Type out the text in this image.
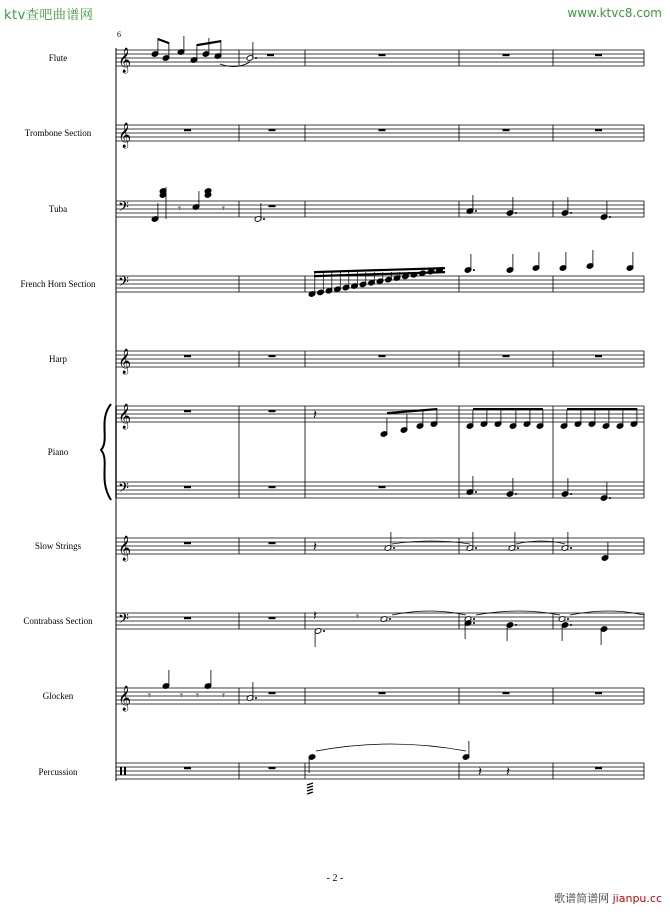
ktv查吧曲谱网	www.ktvc8.com
歌谱简谱网 jianpu.cc
6
Flute
Trombone Section
Tuba
French Horn Section
Harp
Piano
Slow Strings
Contrabass Section
Glocken
Percussion
- 2 -
𝄞
𝄞
𝄢
𝄢
𝄞
𝄞
𝄢
𝄞
𝄢
𝄞
𝄾	𝄾
𝄽
𝄽
𝄽	𝄾
𝄾	𝄾 𝄾 𝄾
𝄽 𝄽
